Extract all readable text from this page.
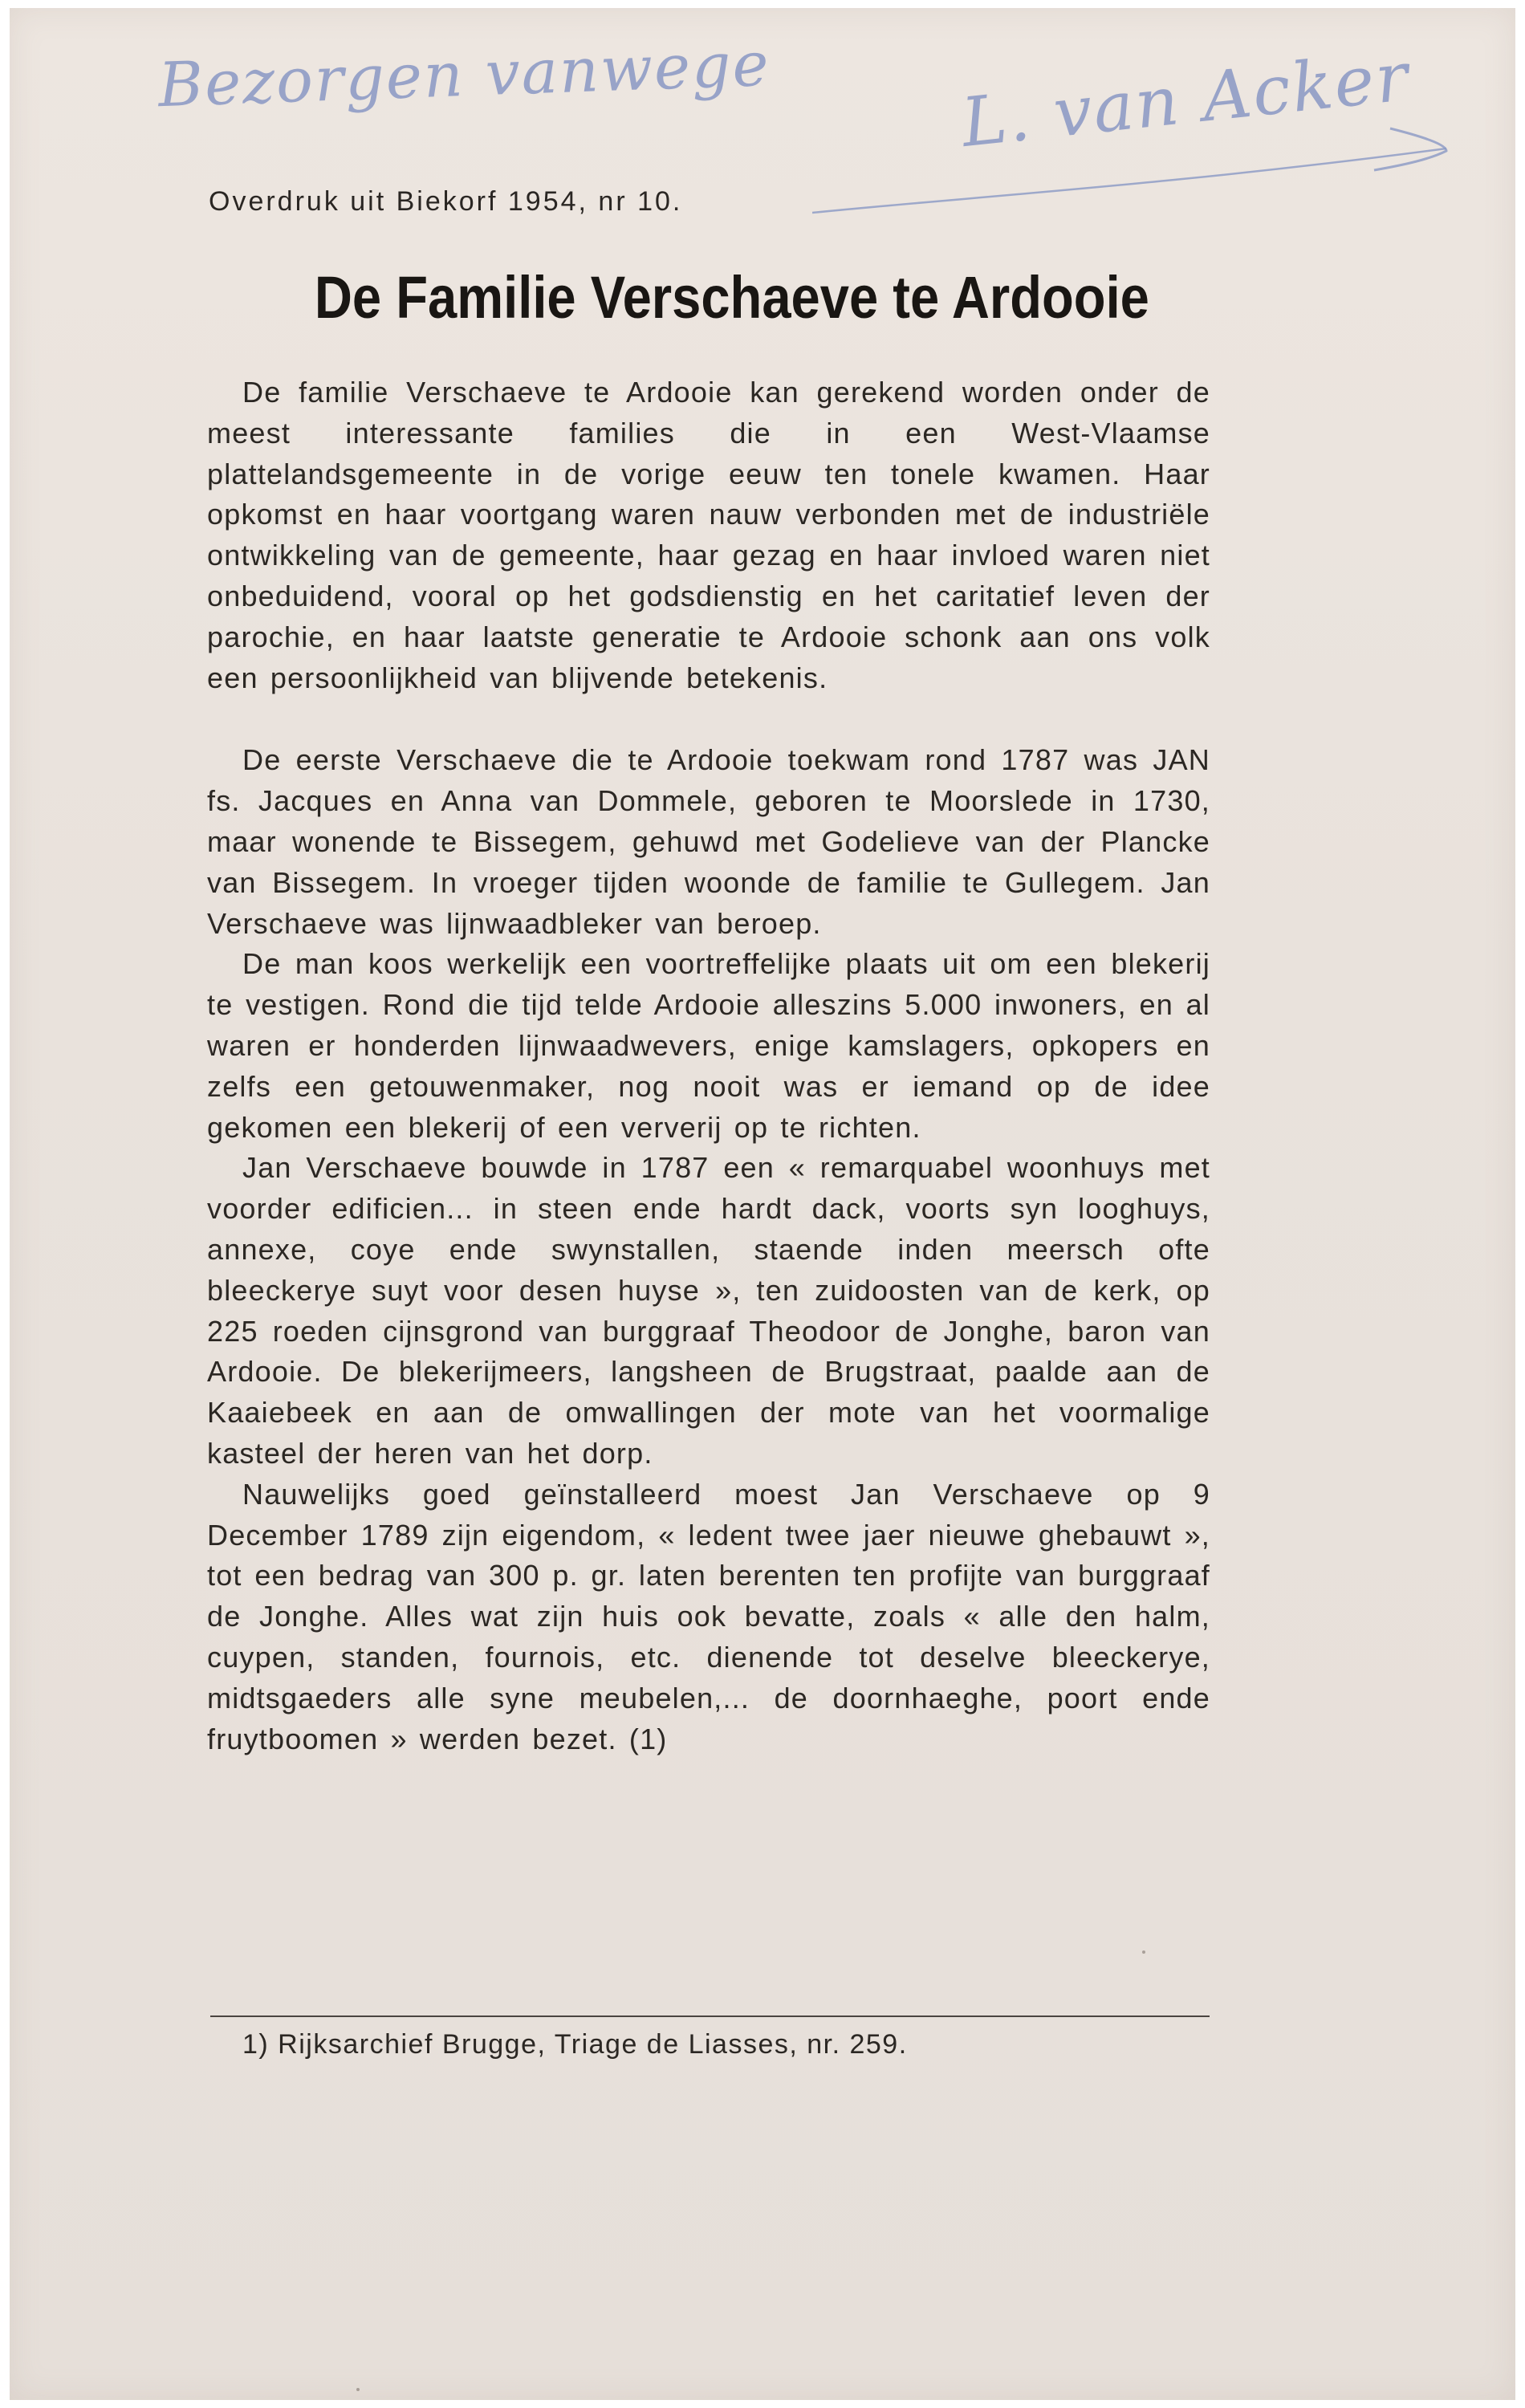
Bezorgen vanwege	L. van Acker
Overdruk uit Biekorf 1954, nr 10.
De Familie Verschaeve te Ardooie

De familie Verschaeve te Ardooie kan gerekend worden onder de meest interessante families die in een West-Vlaamse plattelandsgemeente in de vorige eeuw ten tonele kwamen. Haar opkomst en haar voortgang waren nauw verbonden met de industriële ontwikkeling van de gemeente, haar gezag en haar invloed waren niet onbeduidend, vooral op het godsdienstig en het caritatief leven der parochie, en haar laatste generatie te Ardooie schonk aan ons volk een persoonlijkheid van blijvende betekenis.

De eerste Verschaeve die te Ardooie toekwam rond 1787 was JAN fs. Jacques en Anna van Dommele, geboren te Moorslede in 1730, maar wonende te Bissegem, gehuwd met Godelieve van der Plancke van Bissegem. In vroeger tijden woonde de familie te Gullegem. Jan Verschaeve was lijnwaadbleker van beroep.

De man koos werkelijk een voortreffelijke plaats uit om een blekerij te vestigen. Rond die tijd telde Ardooie alleszins 5.000 inwoners, en al waren er honderden lijnwaadwevers, enige kamslagers, opkopers en zelfs een getouwenmaker, nog nooit was er iemand op de idee gekomen een blekerij of een ververij op te richten.

Jan Verschaeve bouwde in 1787 een « remarquabel woonhuys met voorder edificien... in steen ende hardt dack, voorts syn looghuys, annexe, coye ende swynstallen, staende inden meersch ofte bleeckerye suyt voor desen huyse », ten zuidoosten van de kerk, op 225 roeden cijnsgrond van burggraaf Theodoor de Jonghe, baron van Ardooie. De blekerijmeers, langsheen de Brugstraat, paalde aan de Kaaiebeek en aan de omwallingen der mote van het voormalige kasteel der heren van het dorp.

Nauwelijks goed geïnstalleerd moest Jan Verschaeve op 9 December 1789 zijn eigendom, « ledent twee jaer nieuwe ghebauwt », tot een bedrag van 300 p. gr. laten berenten ten profijte van burggraaf de Jonghe. Alles wat zijn huis ook bevatte, zoals « alle den halm, cuypen, standen, fournois, etc. dienende tot deselve bleeckerye, midtsgaeders alle syne meubelen,... de doornhaeghe, poort ende fruytboomen » werden bezet. (1)

1) Rijksarchief Brugge, Triage de Liasses, nr. 259.
